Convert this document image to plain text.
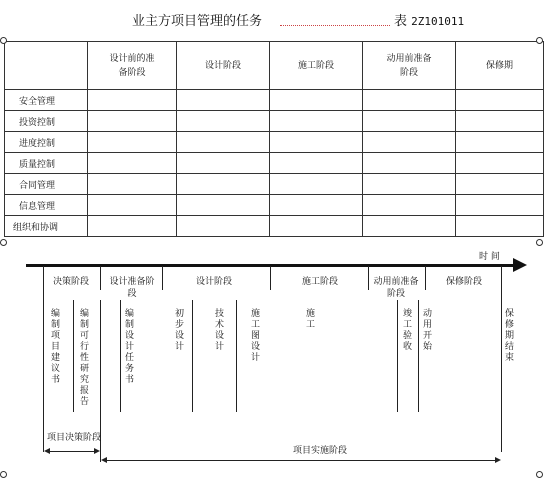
业主方项目管理的任务	表 2Z101011

	设计前的准备阶段	设计阶段	施工阶段	动用前准备阶段	保修期
安全管理					
投资控制					
进度控制					
质量控制					
合同管理					
信息管理					
组织和协调					
时 间
决策阶段	设计准备阶段
设计阶段	施工阶段	动用前准备阶段
保修阶段
编制项目建议书
编制可行性研究报告
编制设计任务书
初步设计
技术设计
施工图设计
施工
竣工验收
动用开始
保修期结束
项目决策阶段
项目实施阶段
